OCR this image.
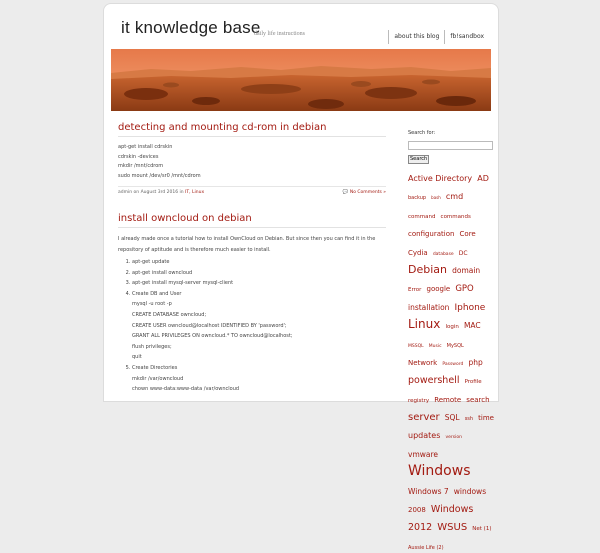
it knowledge base
daily life instructions	about this blog	fb!sandbox
detecting and mounting cd-rom in debian
apt-get install cdrskin
cdrskin -devices
mkdir /mnt/cdrom
sudo mount /dev/sr0 /mnt/cdrom
admin on August 3rd 2016 in IT, Linux	💬 No Comments »
install owncloud on debian

I already made once a tutorial how to install OwnCloud on Debian. But since then you can find it in the repository of aptitude and is therefore much easier to install.

1. apt-get update
2. apt-get install owncloud
3. apt-get install mysql-server mysql-client
4. Create DB and User
mysql -u root -p
CREATE DATABASE owncloud;
CREATE USER owncloud@localhost IDENTIFIED BY 'password';
GRANT ALL PRIVILEGES ON owncloud.* TO owncloud@localhost;
flush privileges;
quit
5. Create Directories
mkdir /var/owncloud
chown www-data:www-data /var/owncloud
Search for:
Search
Active Directory AD backup bash cmd command commands configuration Core Cydia database DC Debian domain Error google GPO installation Iphone Linux login MAC MSSQL Music MySQL Network Password php powershell Profile registry Remote search server SQL ssh time updates version vmware Windows Windows 7 windows 2008 Windows 2012 WSUS Net (1) Aussie Life (2)
